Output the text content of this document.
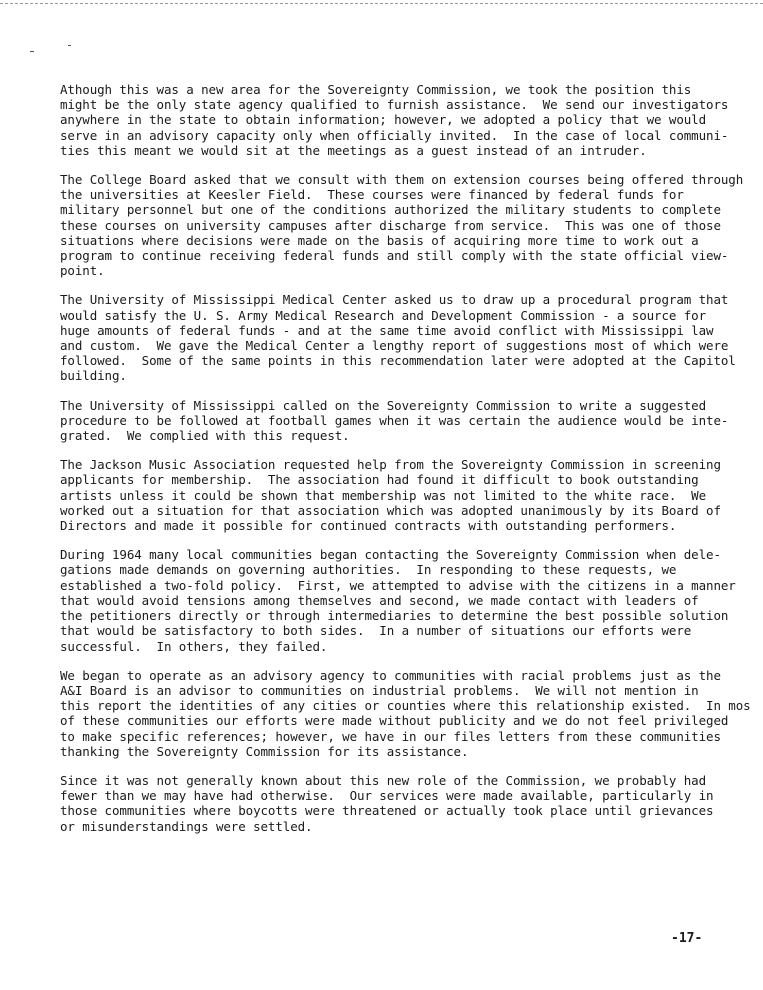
Athough this was a new area for the Sovereignty Commission, we took the position this
might be the only state agency qualified to furnish assistance.  We send our investigators
anywhere in the state to obtain information; however, we adopted a policy that we would
serve in an advisory capacity only when officially invited.  In the case of local communi-
ties this meant we would sit at the meetings as a guest instead of an intruder.
The College Board asked that we consult with them on extension courses being offered through
the universities at Keesler Field.  These courses were financed by federal funds for
military personnel but one of the conditions authorized the military students to complete
these courses on university campuses after discharge from service.  This was one of those
situations where decisions were made on the basis of acquiring more time to work out a
program to continue receiving federal funds and still comply with the state official view-
point.
The University of Mississippi Medical Center asked us to draw up a procedural program that
would satisfy the U. S. Army Medical Research and Development Commission - a source for
huge amounts of federal funds - and at the same time avoid conflict with Mississippi law
and custom.  We gave the Medical Center a lengthy report of suggestions most of which were
followed.  Some of the same points in this recommendation later were adopted at the Capitol
building.
The University of Mississippi called on the Sovereignty Commission to write a suggested
procedure to be followed at football games when it was certain the audience would be inte-
grated.  We complied with this request.
The Jackson Music Association requested help from the Sovereignty Commission in screening
applicants for membership.  The association had found it difficult to book outstanding
artists unless it could be shown that membership was not limited to the white race.  We
worked out a situation for that association which was adopted unanimously by its Board of
Directors and made it possible for continued contracts with outstanding performers.
During 1964 many local communities began contacting the Sovereignty Commission when dele-
gations made demands on governing authorities.  In responding to these requests, we
established a two-fold policy.  First, we attempted to advise with the citizens in a manner
that would avoid tensions among themselves and second, we made contact with leaders of
the petitioners directly or through intermediaries to determine the best possible solution
that would be satisfactory to both sides.  In a number of situations our efforts were
successful.  In others, they failed.
We began to operate as an advisory agency to communities with racial problems just as the
A&I Board is an advisor to communities on industrial problems.  We will not mention in
this report the identities of any cities or counties where this relationship existed.  In mos
of these communities our efforts were made without publicity and we do not feel privileged
to make specific references; however, we have in our files letters from these communities
thanking the Sovereignty Commission for its assistance.
Since it was not generally known about this new role of the Commission, we probably had
fewer than we may have had otherwise.  Our services were made available, particularly in
those communities where boycotts were threatened or actually took place until grievances
or misunderstandings were settled.
-17-
